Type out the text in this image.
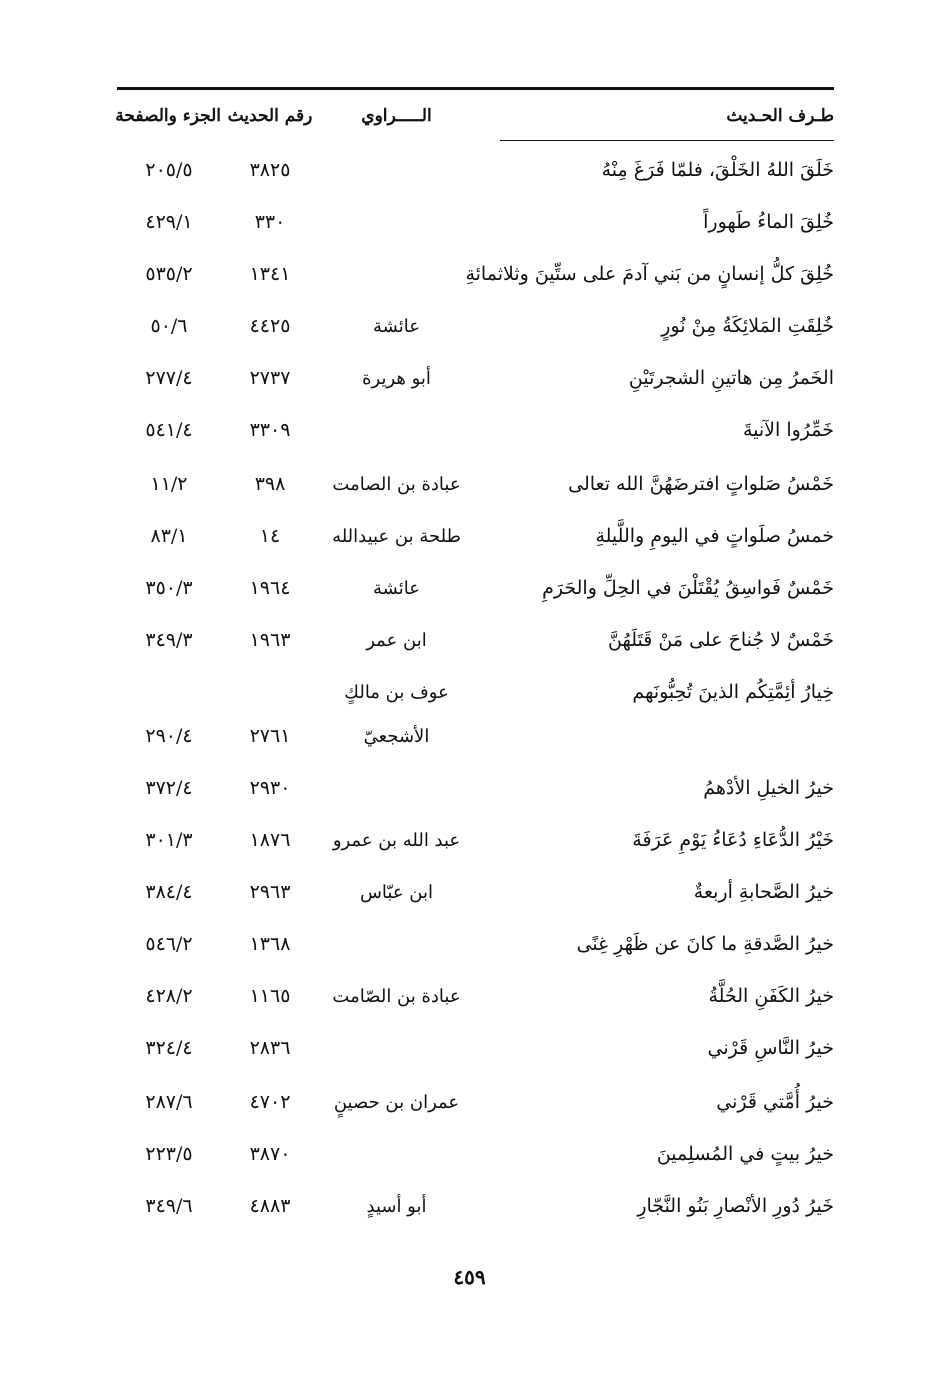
طـرف الحـديث
الـــــراوي
رقم الحديث
الجزء والصفحة
خَلَقَ اللهُ الخَلْقَ، فلمّا فَرَغَ مِنْهُ
٣٨٢٥
٢٠٥/٥
خُلِقَ الماءُ طَهوراً
٣٣٠
٤٢٩/١
خُلِقَ كلُّ إنسانٍ من بَني آدمَ على ستِّينَ وثلاثمائةِ
١٣٤١
٥٣٥/٢
خُلِقَتِ المَلائِكَةُ مِنْ نُورٍ
عائشة
٤٤٢٥
٥٠/٦
الخَمرُ مِن هاتينِ الشجرتَيْنِ
أبو هريرة
٢٧٣٧
٢٧٧/٤
خَمِّرُوا الآنيةَ
٣٣٠٩
٥٤١/٤
خَمْسُ صَلواتٍ افترضَهُنَّ الله تعالى
عبادة بن الصامت
٣٩٨
١١/٢
خمسُ صلَواتٍ في اليومِ واللَّيلةِ
طلحة بن عبيدالله
١٤
٨٣/١
خَمْسٌ فَواسِقُ يُقْتَلْنَ في الحِلِّ والحَرَمِ
عائشة
١٩٦٤
٣٥٠/٣
خَمْسٌ لا جُناحَ على مَنْ قَتَلَهُنَّ
ابن عمر
١٩٦٣
٣٤٩/٣
خِيارُ أئِمَّتِكُم الذينَ تُحِبُّونَهم
عوف بن مالكٍ
الأشجعيّ
٢٧٦١
٢٩٠/٤
خيرُ الخيلِ الأدْهمُ
٢٩٣٠
٣٧٢/٤
خَيْرُ الدُّعَاءِ دُعَاءُ يَوْمِ عَرَفَةَ
عبد الله بن عمرو
١٨٧٦
٣٠١/٣
خيرُ الصَّحابةِ أربعةٌ
ابن عبّاس
٢٩٦٣
٣٨٤/٤
خيرُ الصَّدقةِ ما كانَ عن ظَهْرِ غِنًى
١٣٦٨
٥٤٦/٢
خيرُ الكَفَنِ الحُلَّةُ
عبادة بن الصّامت
١١٦٥
٤٢٨/٢
خيرُ النَّاسِ قَرْني
٢٨٣٦
٣٢٤/٤
خيرُ أُمَّتي قَرْني
عمران بن حصينٍ
٤٧٠٢
٢٨٧/٦
خيرُ بيتٍ في المُسلِمينَ
٣٨٧٠
٢٢٣/٥
خَيرُ دُورِ الأنْصارِ بَنُو النَّجّارِ
أبو أسيدٍ
٤٨٨٣
٣٤٩/٦
٤٥٩
